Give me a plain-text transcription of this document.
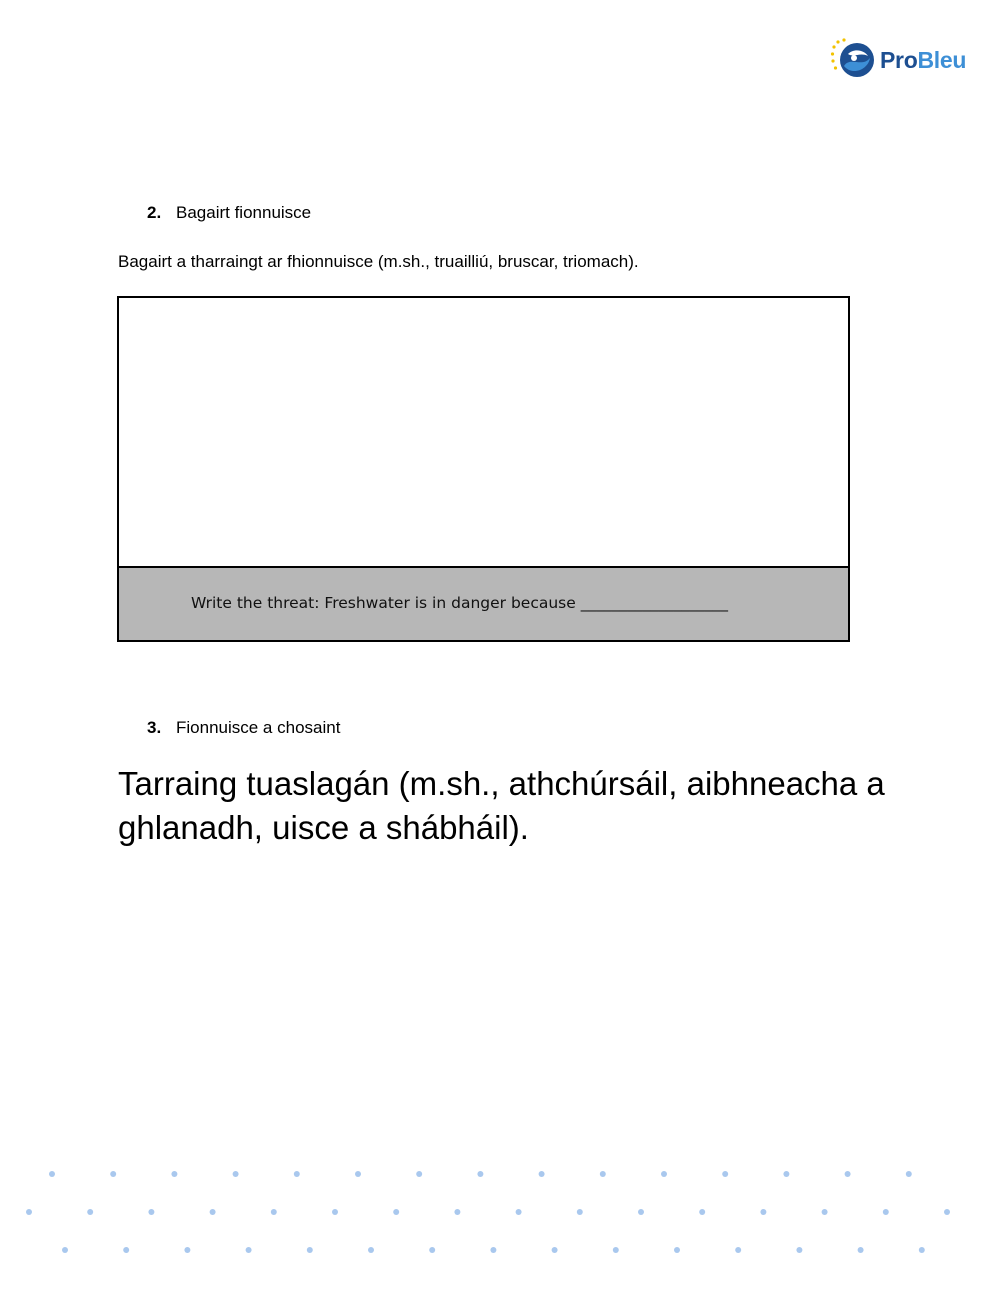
ProBleu
2. Bagairt fionnuisce
Bagairt a tharraingt ar fhionnuisce (m.sh., truailliú, bruscar, triomach).
Write the threat: Freshwater is in danger because ___________________
3. Fionnuisce a chosaint
Tarraing tuaslagán (m.sh., athchúrsáil, aibhneacha a ghlanadh, uisce a shábháil).
